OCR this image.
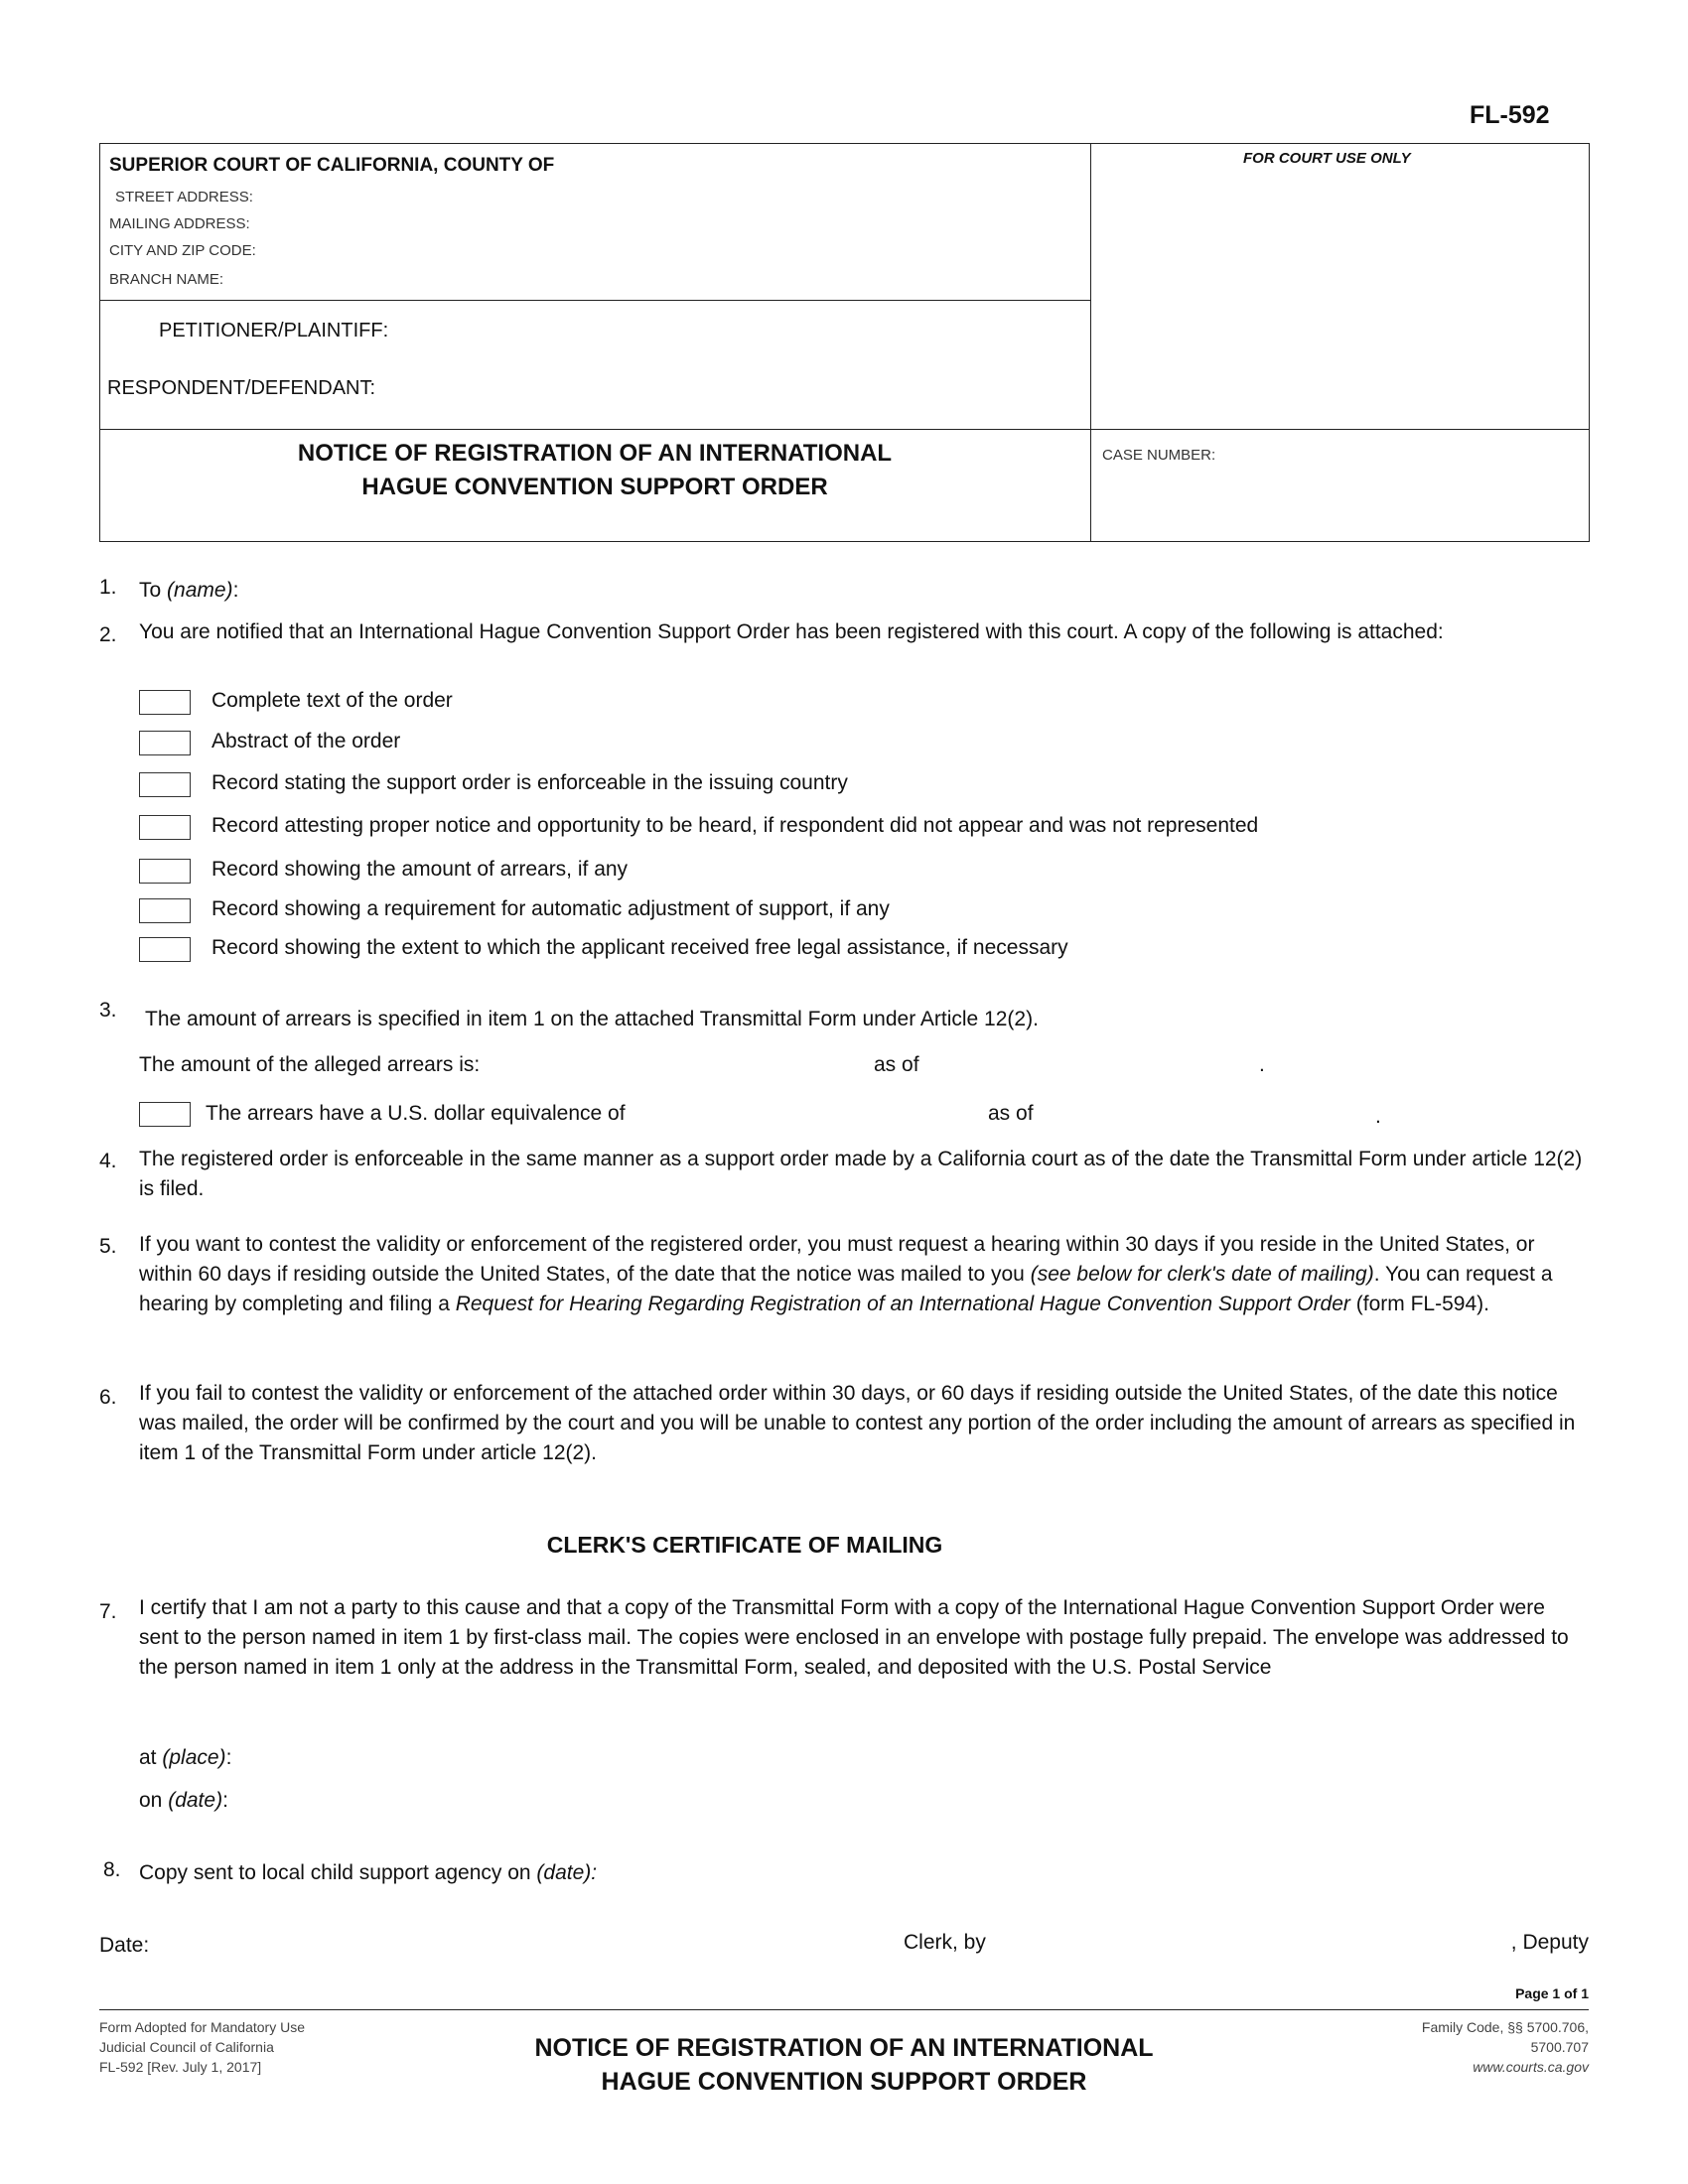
FL-592
SUPERIOR COURT OF CALIFORNIA, COUNTY OF
STREET ADDRESS:
MAILING ADDRESS:
CITY AND ZIP CODE:
BRANCH NAME:
FOR COURT USE ONLY
PETITIONER/PLAINTIFF:
RESPONDENT/DEFENDANT:
NOTICE OF REGISTRATION OF AN INTERNATIONAL
HAGUE CONVENTION SUPPORT ORDER
CASE NUMBER:
1. To (name):
2. You are notified that an International Hague Convention Support Order has been registered with this court. A copy of the following is attached:
Complete text of the order
Abstract of the order
Record stating the support order is enforceable in the issuing country
Record attesting proper notice and opportunity to be heard, if respondent did not appear and was not represented
Record showing the amount of arrears, if any
Record showing a requirement for automatic adjustment of support, if any
Record showing the extent to which the applicant received free legal assistance, if necessary
3. The amount of arrears is specified in item 1 on the attached Transmittal Form under Article 12(2).
The amount of the alleged arrears is:	as of	.
The arrears have a U.S. dollar equivalence of	as of	.
4. The registered order is enforceable in the same manner as a support order made by a California court as of the date the Transmittal Form under article 12(2) is filed.
5. If you want to contest the validity or enforcement of the registered order, you must request a hearing within 30 days if you reside in the United States, or within 60 days if residing outside the United States, of the date that the notice was mailed to you (see below for clerk's date of mailing). You can request a hearing by completing and filing a Request for Hearing Regarding Registration of an International Hague Convention Support Order (form FL-594).
6. If you fail to contest the validity or enforcement of the attached order within 30 days, or 60 days if residing outside the United States, of the date this notice was mailed, the order will be confirmed by the court and you will be unable to contest any portion of the order including the amount of arrears as specified in item 1 of the Transmittal Form under article 12(2).
CLERK'S CERTIFICATE OF MAILING
7. I certify that I am not a party to this cause and that a copy of the Transmittal Form with a copy of the International Hague Convention Support Order were sent to the person named in item 1 by first-class mail. The copies were enclosed in an envelope with postage fully prepaid. The envelope was addressed to the person named in item 1 only at the address in the Transmittal Form, sealed, and deposited with the U.S. Postal Service
at (place):
on (date):
8. Copy sent to local child support agency on (date):
Date:	Clerk, by	, Deputy
Page 1 of 1
Form Adopted for Mandatory Use
Judicial Council of California
FL-592 [Rev. July 1, 2017]
NOTICE OF REGISTRATION OF AN INTERNATIONAL
HAGUE CONVENTION SUPPORT ORDER
Family Code, §§ 5700.706,
5700.707
www.courts.ca.gov
